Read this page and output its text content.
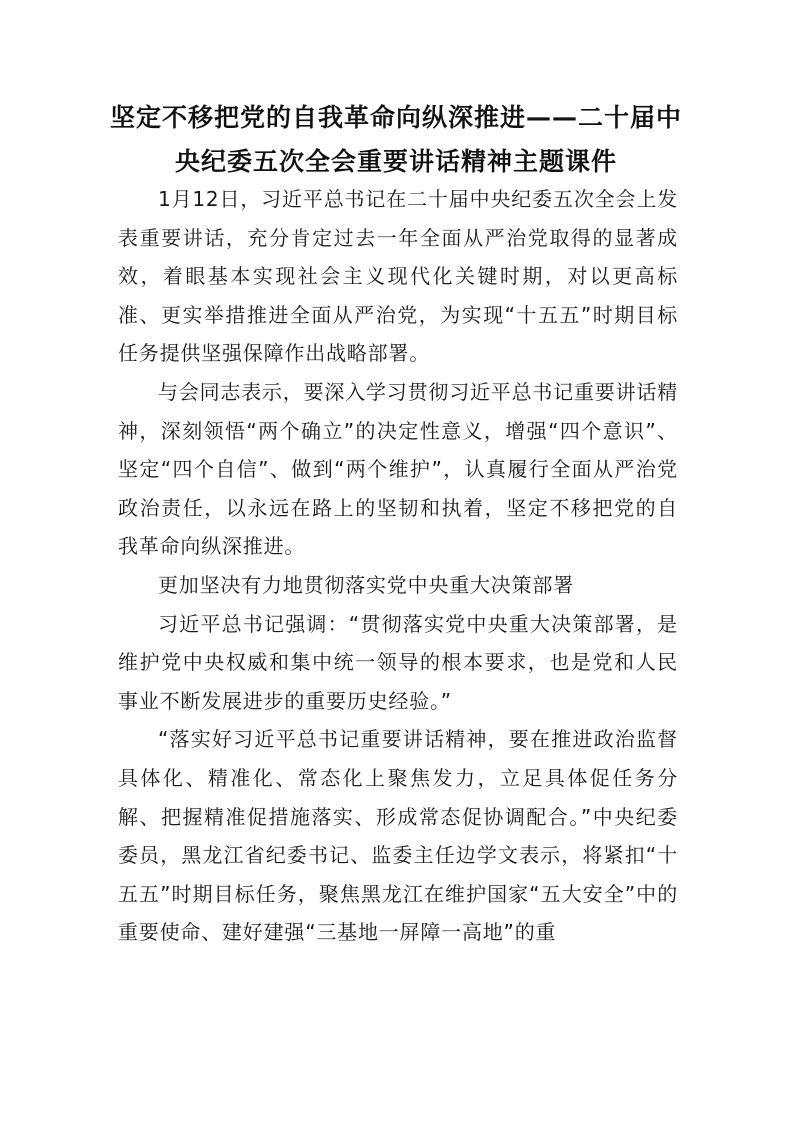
坚定不移把党的自我革命向纵深推进——二十届中
央纪委五次全会重要讲话精神主题课件

1月12日，习近平总书记在二十届中央纪委五次全会上发表重要讲话，充分肯定过去一年全面从严治党取得的显著成效，着眼基本实现社会主义现代化关键时期，对以更高标准、更实举措推进全面从严治党，为实现“十五五”时期目标任务提供坚强保障作出战略部署。

与会同志表示，要深入学习贯彻习近平总书记重要讲话精神，深刻领悟“两个确立”的决定性意义，增强“四个意识”、坚定“四个自信”、做到“两个维护”，认真履行全面从严治党政治责任，以永远在路上的坚韧和执着，坚定不移把党的自我革命向纵深推进。

更加坚决有力地贯彻落实党中央重大决策部署

习近平总书记强调：“贯彻落实党中央重大决策部署，是维护党中央权威和集中统一领导的根本要求，也是党和人民事业不断发展进步的重要历史经验。”

“落实好习近平总书记重要讲话精神，要在推进政治监督具体化、精准化、常态化上聚焦发力，立足具体促任务分解、把握精准促措施落实、形成常态促协调配合。”中央纪委委员，黑龙江省纪委书记、监委主任边学文表示，将紧扣“十五五”时期目标任务，聚焦黑龙江在维护国家“五大安全”中的重要使命、建好建强“三基地一屏障一高地”的重
